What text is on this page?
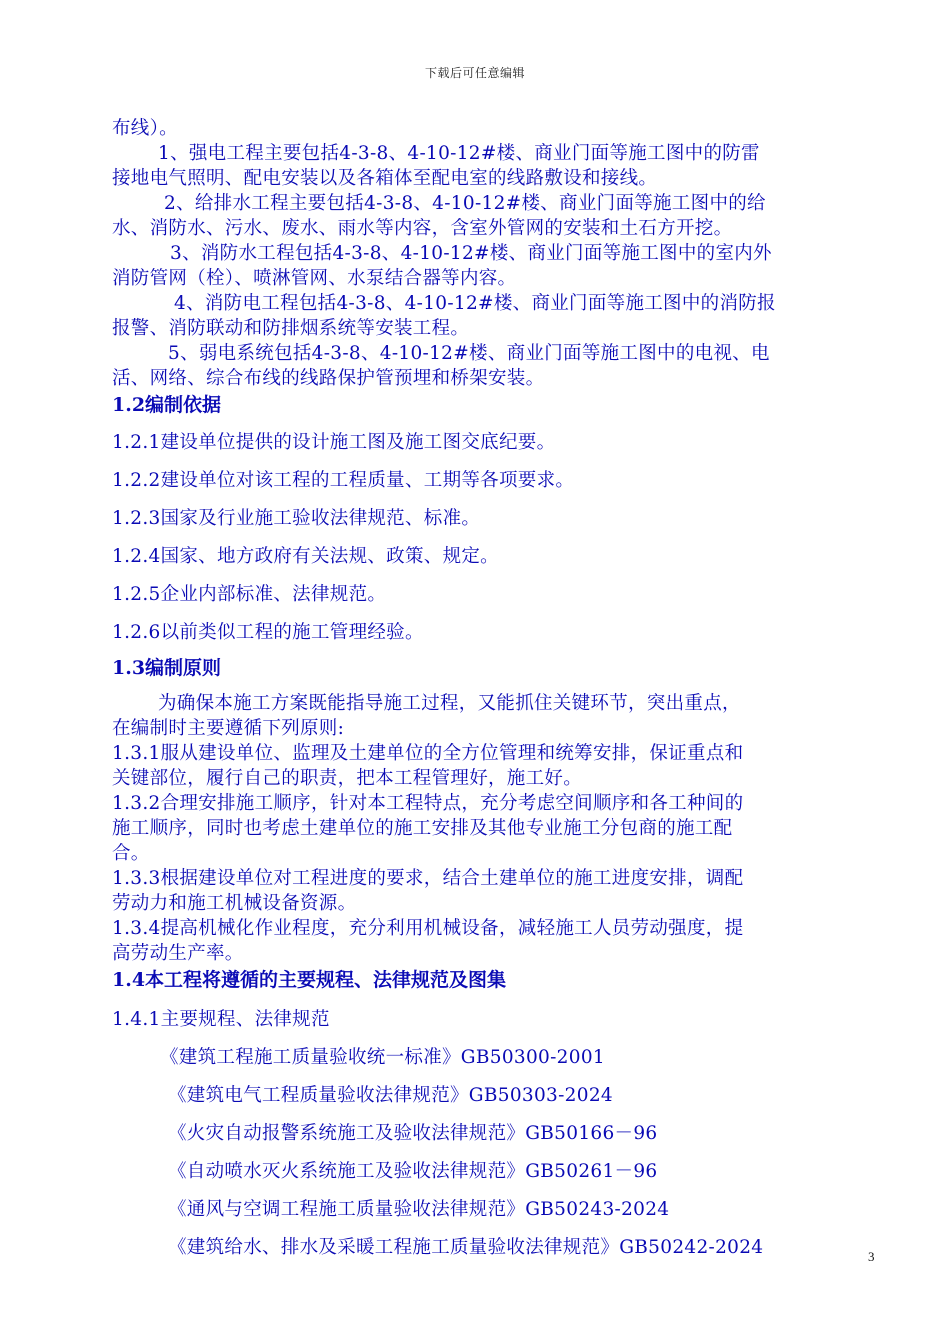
下载后可任意编辑
布线）。
1、强电工程主要包括4-3-8、4-10-12#楼、商业门面等施工图中的防雷
接地电气照明、配电安装以及各箱体至配电室的线路敷设和接线。
2、给排水工程主要包括4-3-8、4-10-12#楼、商业门面等施工图中的给
水、消防水、污水、废水、雨水等内容，含室外管网的安装和土石方开挖。
3、消防水工程包括4-3-8、4-10-12#楼、商业门面等施工图中的室内外
消防管网（栓）、喷淋管网、水泵结合器等内容。
4、消防电工程包括4-3-8、4-10-12#楼、商业门面等施工图中的消防报
报警、消防联动和防排烟系统等安装工程。
5、弱电系统包括4-3-8、4-10-12#楼、商业门面等施工图中的电视、电
活、网络、综合布线的线路保护管预埋和桥架安装。
1.2编制依据
1.2.1建设单位提供的设计施工图及施工图交底纪要。
1.2.2建设单位对该工程的工程质量、工期等各项要求。
1.2.3国家及行业施工验收法律规范、标准。
1.2.4国家、地方政府有关法规、政策、规定。
1.2.5企业内部标准、法律规范。
1.2.6以前类似工程的施工管理经验。
1.3编制原则
为确保本施工方案既能指导施工过程，又能抓住关键环节，突出重点，
在编制时主要遵循下列原则:
1.3.1服从建设单位、监理及土建单位的全方位管理和统筹安排，保证重点和
关键部位，履行自己的职责，把本工程管理好，施工好。
1.3.2合理安排施工顺序，针对本工程特点，充分考虑空间顺序和各工种间的
施工顺序，同时也考虑土建单位的施工安排及其他专业施工分包商的施工配
合。
1.3.3根据建设单位对工程进度的要求，结合土建单位的施工进度安排，调配
劳动力和施工机械设备资源。
1.3.4提高机械化作业程度，充分利用机械设备，减轻施工人员劳动强度，提
高劳动生产率。
1.4本工程将遵循的主要规程、法律规范及图集
1.4.1主要规程、法律规范
《建筑工程施工质量验收统一标准》GB50300-2001
《建筑电气工程质量验收法律规范》GB50303-2024
《火灾自动报警系统施工及验收法律规范》GB50166－96
《自动喷水灭火系统施工及验收法律规范》GB50261－96
《通风与空调工程施工质量验收法律规范》GB50243-2024
《建筑给水、排水及采暖工程施工质量验收法律规范》GB50242-2024	3
